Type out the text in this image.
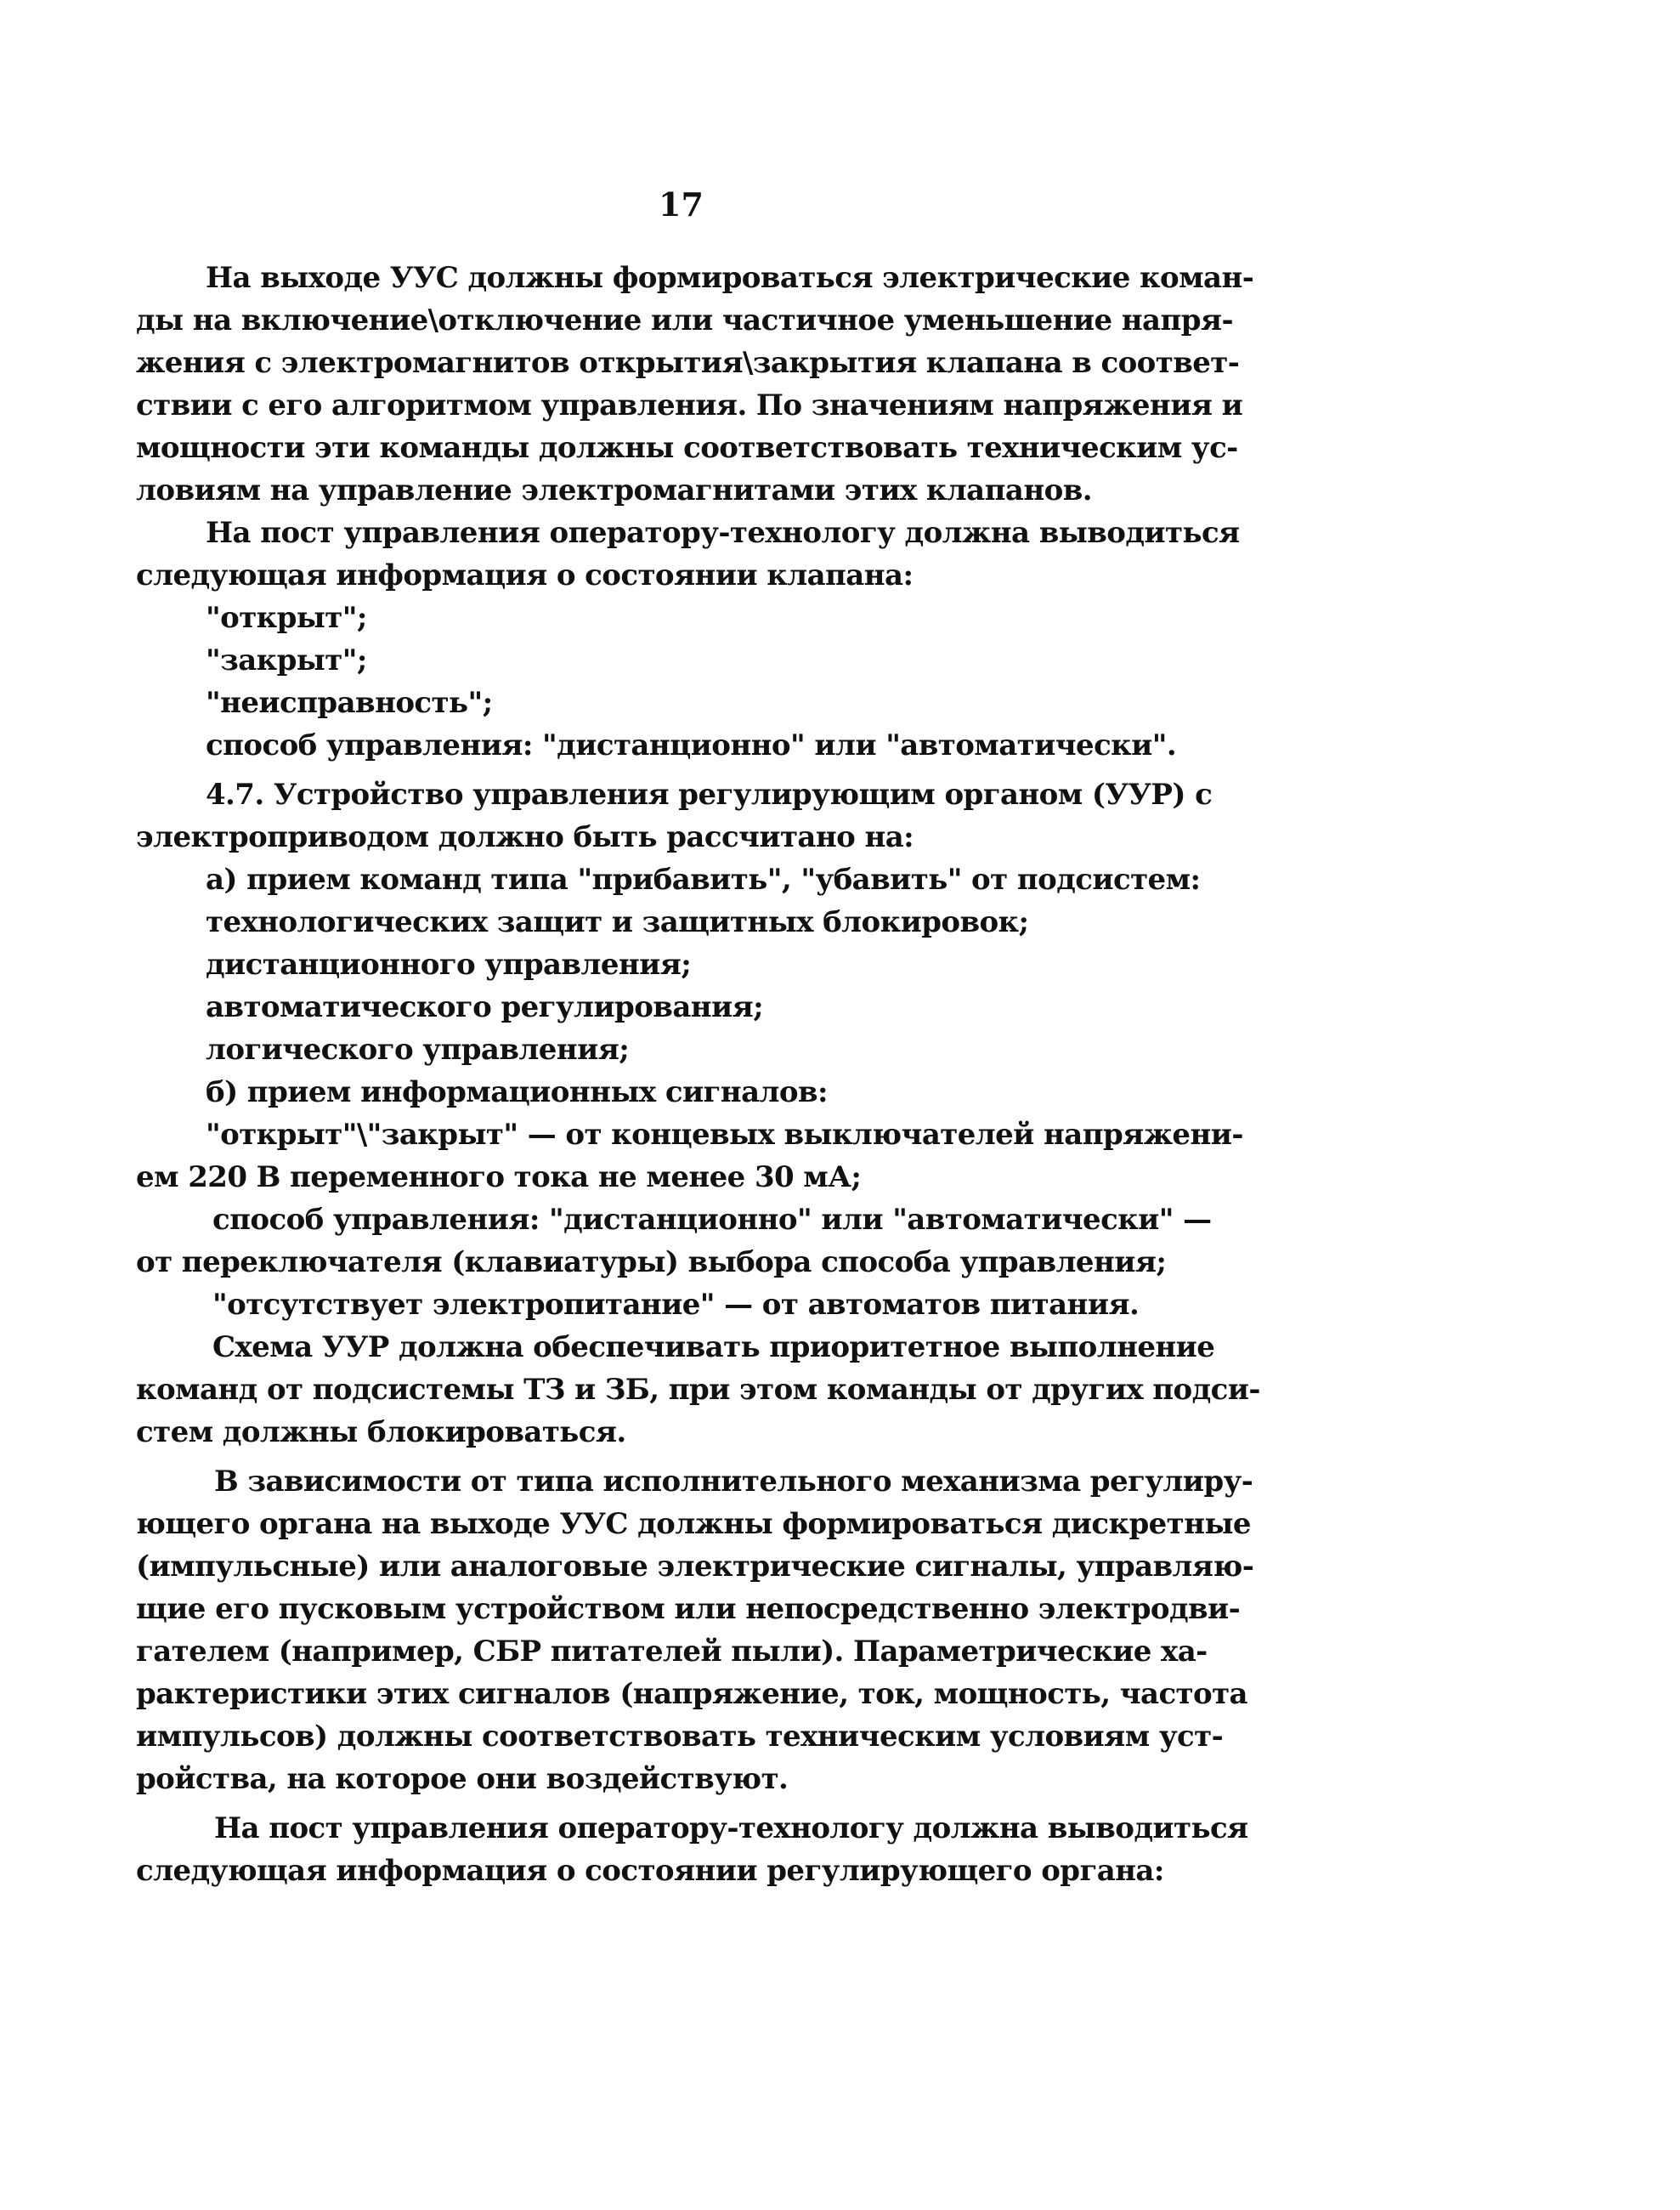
17
На выходе УУС должны формироваться электрические коман-
ды на включение\отключение или частичное уменьшение напря-
жения с электромагнитов открытия\закрытия клапана в соответ-
ствии с его алгоритмом управления. По значениям напряжения и
мощности эти команды должны соответствовать техническим ус-
ловиям на управление электромагнитами этих клапанов.
На пост управления оператору-технологу должна выводиться
следующая информация о состоянии клапана:
"открыт";
"закрыт";
"неисправность";
способ управления: "дистанционно" или "автоматически".
4.7. Устройство управления регулирующим органом (УУР) с
электроприводом должно быть рассчитано на:
а) прием команд типа "прибавить", "убавить" от подсистем:
технологических защит и защитных блокировок;
дистанционного управления;
автоматического регулирования;
логического управления;
б) прием информационных сигналов:
"открыт"\"закрыт" — от концевых выключателей напряжени-
ем 220 В переменного тока не менее 30 мА;
способ управления: "дистанционно" или "автоматически" —
от переключателя (клавиатуры) выбора способа управления;
"отсутствует электропитание" — от автоматов питания.
Схема УУР должна обеспечивать приоритетное выполнение
команд от подсистемы ТЗ и ЗБ, при этом команды от других подси-
стем должны блокироваться.
В зависимости от типа исполнительного механизма регулиру-
ющего органа на выходе УУС должны формироваться дискретные
(импульсные) или аналоговые электрические сигналы, управляю-
щие его пусковым устройством или непосредственно электродви-
гателем (например, СБР питателей пыли). Параметрические ха-
рактеристики этих сигналов (напряжение, ток, мощность, частота
импульсов) должны соответствовать техническим условиям уст-
ройства, на которое они воздействуют.
На пост управления оператору-технологу должна выводиться
следующая информация о состоянии регулирующего органа:
